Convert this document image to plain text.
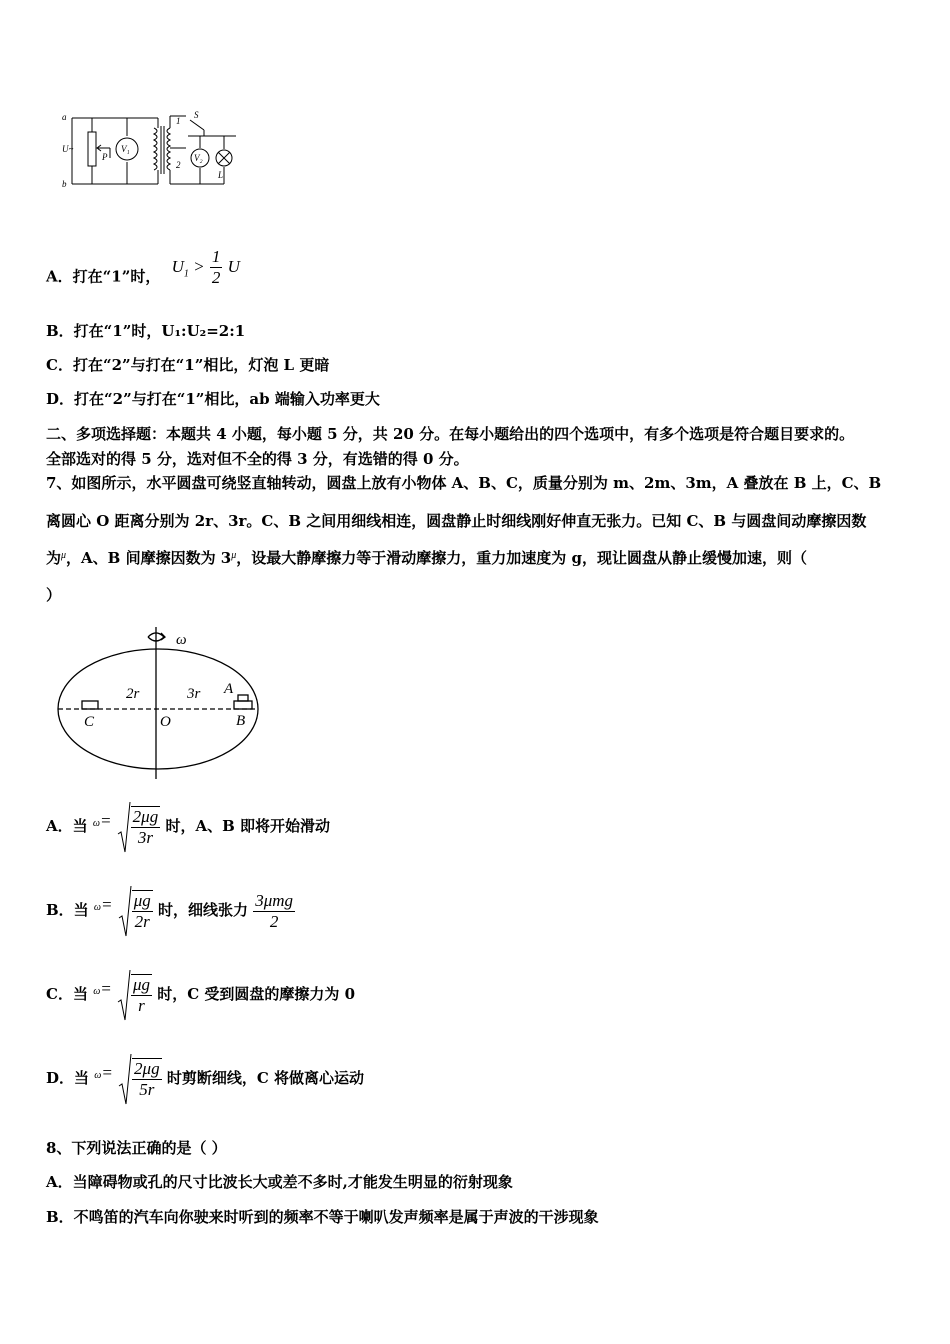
a
b
U~
P
V₁
V₂
S
1
2
L
A．打在“1”时， $U_1 > \frac{1}{2}$ U
B．打在“1”时，U₁:U₂=2:1
C．打在“2”与打在“1”相比，灯泡 L 更暗
D．打在“2”与打在“1”相比，ab 端输入功率更大
二、多项选择题：本题共 4 小题，每小题 5 分，共 20 分。在每小题给出的四个选项中，有多个选项是符合题目要求的。
全部选对的得 5 分，选对但不全的得 3 分，有选错的得 0 分。
7、如图所示，水平圆盘可绕竖直轴转动，圆盘上放有小物体 A、B、C，质量分别为 m、2m、3m，A 叠放在 B 上，C、B
离圆心 O 距离分别为 2r、3r。C、B 之间用细线相连，圆盘静止时细线刚好伸直无张力。已知 C、B 与圆盘间动摩擦因数
为$^\mu$，A、B 间摩擦因数为 $3^\mu$，设最大静摩擦力等于滑动摩擦力，重力加速度为 g，现让圆盘从静止缓慢加速，则（
）
ω
2r	3r A
B
C	O
A．当 $^\omega= \frac{2\mu g}{3r}$ 时，A、B 即将开始滑动
B．当 $^\omega= \frac{\mu g}{2r}$ 时，细线张力 $\frac{\text{3μmg}}{2}$
C．当 $^\omega= \frac{\mu g}{r}$ 时，C 受到圆盘的摩擦力为 0
D．当 $^\omega= \frac{2\mu g}{5r}$ 时剪断细线，C 将做离心运动
8、下列说法正确的是（ ）
A．当障碍物或孔的尺寸比波长大或差不多时,才能发生明显的衍射现象
B．不鸣笛的汽车向你驶来时听到的频率不等于喇叭发声频率是属于声波的干涉现象
